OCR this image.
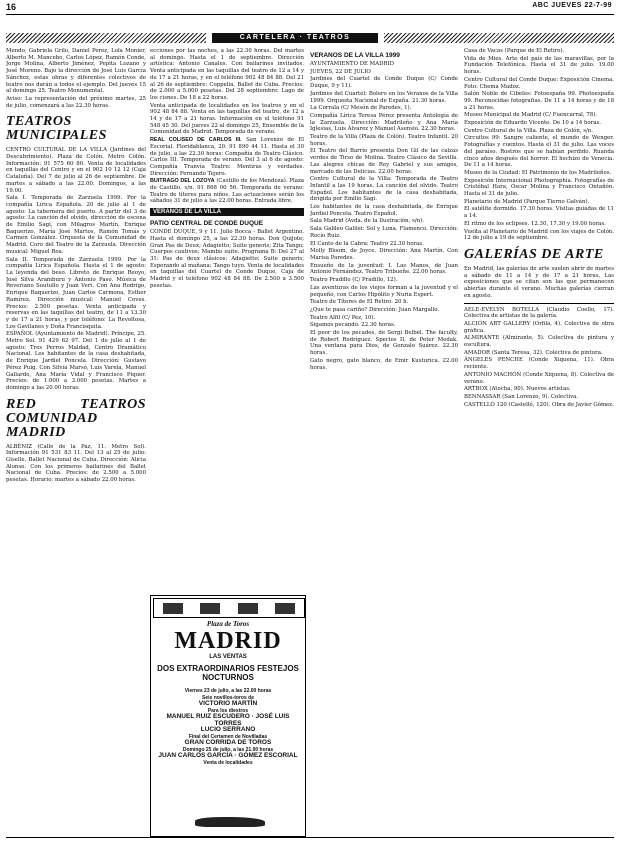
16	ABC JUEVES 22-7-99
CARTELERA · TEATROS

Mendo, Gabriela Grilo, Daniel Perez, Lola Monier, Alberto M. Mancebo, Carlos López, Ramón Conde, Jorge Molina, Alberto Jiménez, Pepita Lozano y José Moreno. Bajo la dirección de José Luis García Sánchez, estas obras y diferentes colectivos de teatro nos darán a todos el ejemplo. Del jueves 15 al domingo 25. Teatro Monumental.

Aviso: La representación del próximo martes, 25 de julio, comenzará a las 22.30 horas.

TEATROS MUNICIPALES

CENTRO CULTURAL DE LA VILLA (Jardines del Descubrimiento). Plaza de Colón. Metro Colón. Información: 91 575 60 80. Venta de localidades en taquillas del Centro y en el 902 10 12 12 (Caja Cataluña). Del 7 de julio al 26 de septiembre. De martes a sábado a las 22.00. Domingos, a las 19.00.

Sala I. Temporada de Zarzuela 1999. Por la compañía Lírica Española. 20 de julio al 1 de agosto: La tabernera del puerto. A partir del 3 de agosto: La canción del olvido, dirección de escena de Emilio Sagi, con Milagros Martín, Enrique Baquerizo, María José Martos, Ramón Tomás y Carmen González. Orquesta de la Comunidad de Madrid. Coro del Teatro de la Zarzuela. Dirección musical: Miguel Roa.

Sala II. Temporada de Zarzuela 1999. Por la compañía Lírica Española. Hasta el 1 de agosto: La leyenda del beso. Libreto de Enrique Reoyo, José Silva Aramburu y Antonio Paso. Música de Reveriano Soutullo y Juan Vert. Con Ana Rodrigo, Enrique Baquerizo, Juan Carlos Carmona, Esther Ramírez. Dirección musical: Manuel Coves. Precios: 2.500 pesetas. Venta anticipada y reservas en las taquillas del teatro, de 11 a 13.30 y de 17 a 21 horas, y por teléfono: La Revoltosa, Los Gavilanes y Doña Francisquita.

ESPAÑOL (Ayuntamiento de Madrid). Príncipe, 25. Metro Sol. 91 429 62 97. Del 1 de julio al 1 de agosto: Tres Perros Maldad, Centro Dramático Nacional. Los habitantes de la casa deshabitada, de Enrique Jardiel Poncela. Dirección: Gustavo Pérez Puig. Con Silvia Marsó, Luis Varela, Manuel Gallardo, Ana María Vidal y Francisco Piquer. Precios: de 1.000 a 3.000 pesetas. Martes a domingo a las 20.00 horas.

RED TEATROS COMUNIDAD MADRID

ALBÉNIZ (Calle de la Paz, 11. Metro Sol). Información 91 531 83 11. Del 13 al 25 de julio: Giselle. Ballet Nacional de Cuba. Dirección: Alicia Alonso. Con los primeros bailarines del Ballet Nacional de Cuba. Precios: de 2.500 a 5.000 pesetas. Horario: martes a sábado 22.00 horas.

ecciones por las noches, a las 22.30 horas. Del martes al domingo. Hasta el 1 de septiembre. Dirección artística: Antonio Canales. Con bailarines invitados. Venta anticipada en las taquillas del teatro de 12 a 14 y de 17 a 21 horas, y en el teléfono 902 48 84 88. Del 21 al 26 de septiembre: Coppelia, Ballet de Cuba. Precios: de 2.000 a 5.000 pesetas. Del 28 septiembre: Lago de los cisnes. De 18 a 22 horas.

Venta anticipada de localidades en los teatros y en el 902 48 84 88. Venta en las taquillas del teatro, de 12 a 14 y de 17 a 21 horas. Información en el teléfono 91 548 45 30. Del jueves 22 al domingo 25, Ensemble de la Comunidad de Madrid. Temporada de verano.

REAL COLISEO DE CARLOS III. San Lorenzo de El Escorial. Floridablanca, 20. 91 890 44 11. Hasta el 30 de julio, a las 22.30 horas: Compañía de Teatro Clásico. Carlos III. Temporada de verano. Del 3 al 6 de agosto: Compañía Tranvía Teatro: Mentiras y verdades. Dirección: Fernando Tejero.

BUITRAGO DEL LOZOYA (Castillo de los Mendoza). Plaza de Castillo, s/n. 91 868 00 56. Temporada de verano: Teatro de títeres para niños. Las actuaciones serán los sábados 31 de julio a las 22.00 horas. Entrada libre.

VERANOS DE LA VILLA
PATIO CENTRAL DE CONDE DUQUE

CONDE DUQUE, 9 y 11. Julio Bocca - Ballet Argentino. Hasta el domingo 25, a las 22.30 horas. Don Quijote; Gran Pas de Deux; Adagietto; Suite generis; Zita Tango; Cuerpos cautivos; Mambo suite. Programa B: Del 27 al 31: Pas de deux clásicos; Adagietto; Suite generis; Esperando al mañana; Tango tuyo. Venta de localidades en taquillas del Cuartel de Conde Duque, Caja de Madrid y el teléfono 902 48 84 88. De 2.500 a 3.500 pesetas.

Plaza de Toros
MADRID
LAS VENTAS
DOS EXTRAORDINARIOS FESTEJOS NOCTURNOS
Viernes 23 de julio, a las 22.00 horas
Seis novillos-toros de
VICTORIO MARTÍN
Para los diestros
MANUEL RUIZ ESCUDERO · JOSÉ LUIS TORRES
LUCIO SERRANO
Final del Certamen de Novilladas
GRAN CORRIDA DE TOROS
Domingo 25 de julio, a las 21.00 horas
JUAN CARLOS GARCÍA · GÓMEZ ESCORIAL
Venta de localidades
VERANOS DE LA VILLA 1999

AYUNTAMIENTO DE MADRID

JUEVES, 22 DE JULIO

Jardines del Cuartel de Conde Duque (C/ Conde Duque, 9 y 11).

Jardines del Cuartel: Bolero en los Veranos de la Villa 1999. Orquesta Nacional de España. 21.30 horas.

La Corrala (C/ Mesón de Paredes, 1).

Compañía Lírica Teresa Pérez presenta Antología de la Zarzuela. Dirección: Madrileño y Ana María Iglesias, Luis Álvarez y Manuel Asensio. 22.30 horas.

Teatro de la Villa (Plaza de Colón). Teatro Infantil. 20 horas.

El Teatro del Barrio presenta Don Gil de las calzas verdes de Tirso de Molina. Teatro Clásico de Sevilla. Las alegres chicas de Rey Gabriel y sus amigos, mercado de las Delicias. 22.00 horas.

Centro Cultural de la Villa: Temporada de Teatro Infantil a las 19 horas. La canción del olvido. Teatro Español. Los habitantes de la casa deshabitada, dirigida por Emilio Sagi.

Los habitantes de la casa deshabitada, de Enrique Jardiel Poncela. Teatro Español.

Sala Madrid (Avda. de la Ilustración, s/n).

Sala Galileo Galilei: Sol y Luna. Flamenco. Dirección: Rocío Ruiz.

El Canto de la Cabra: Teatro 22.30 horas.

Molly Bloom, de Joyce. Dirección: Ana Martín. Con Marisa Paredes.

Ensueño de la juventud: I. Las Manos, de Juan Antonio Fernández. Teatro Tribueñe. 22.00 horas.

Teatro Pradillo (C/ Pradillo, 12).

Las aventuras de los viejos forman a la juventud y el pequeño, con Carlos Hipólito y Nuria Espert.

Teatro de Títeres de El Retiro. 20 h.

¿Que te pasa cariño? Dirección: Juan Margallo.

Teatro Alfil (C/ Pez, 10).

Sigamos pecando. 22.30 horas.

El peor de los pecados, de Sergi Belbel. The faculty, de Robert Rodríguez. Species II, de Peter Medak. Una ventana para Dios, de Gonzalo Suárez. 22.30 horas.

Gato negro, gato blanco, de Emir Kusturica. 22.00 horas.

Casa de Vacas (Parque de El Retiro).

Vida de Mies. Arte del país de las maravillas, por la Fundación Telefónica. Hasta el 31 de julio. 19.00 horas.

Centro Cultural del Conde Duque: Exposición Cinema. Foto: Chema Madoz.

Salón Noble de Cibeles: Fotoespaña 99. Photoespaña 99. Reconocidas fotografías. De 11 a 14 horas y de 18 a 21 horas.

Museo Municipal de Madrid (C/ Fuencarral, 78).

Exposición de Eduardo Vicente. De 10 a 14 horas.

Centro Cultural de la Villa. Plaza de Colón, s/n.

Circuitos 99: Sangre caliente, el mundo de Wenger. Fotografías y cuentos. Hasta el 31 de julio. Las voces del paraíso. Rostros que se habían perdido. Ruanda cinco años después del horror. El hechizo de Venecia. De 11 a 14 horas.

Museo de la Ciudad: El Patrimonio de los Madrileños.

Exposición Internacional Photographia. Fotografías de Cristóbal Hara, Óscar Molina y Francisco Ontañón. Hasta el 31 de julio.

Planetario de Madrid (Parque Tierno Galván).

El satélite dormido. 17.30 horas. Visitas guiadas de 11 a 14.

El ritmo de los eclipses. 12.30, 17.30 y 19.00 horas.

Vuelta al Planetario de Madrid con los viajes de Colón. 12 de julio a 19 de septiembre.

GALERÍAS DE ARTE

En Madrid, las galerías de arte suelen abrir de martes a sábado de 11 a 14 y de 17 a 21 horas. Las exposiciones que se citan son las que permanecen abiertas durante el verano. Muchas galerías cierran en agosto.

AELE-EVELYN BOTELLA (Claudio Coello, 17). Colectiva de artistas de la galería.

ALCIÓN ART GALLERY (Orfila, 4). Colectiva de obra gráfica.

ALMIRANTE (Almirante, 5). Colectiva de pintura y escultura.

AMADOR (Santa Teresa, 32). Colectiva de pintura.

ÁNGELES PENCHE (Conde Xiquena, 11). Obra reciente.

ANTONIO MACHÓN (Conde Xiquena, 8). Colectiva de verano.

ARTBOX (Atocha, 90). Nuevos artistas.

BENNASSAR (San Lorenzo, 9). Colectiva.

CASTELLÓ 120 (Castelló, 120). Obra de Javier Gómez.
